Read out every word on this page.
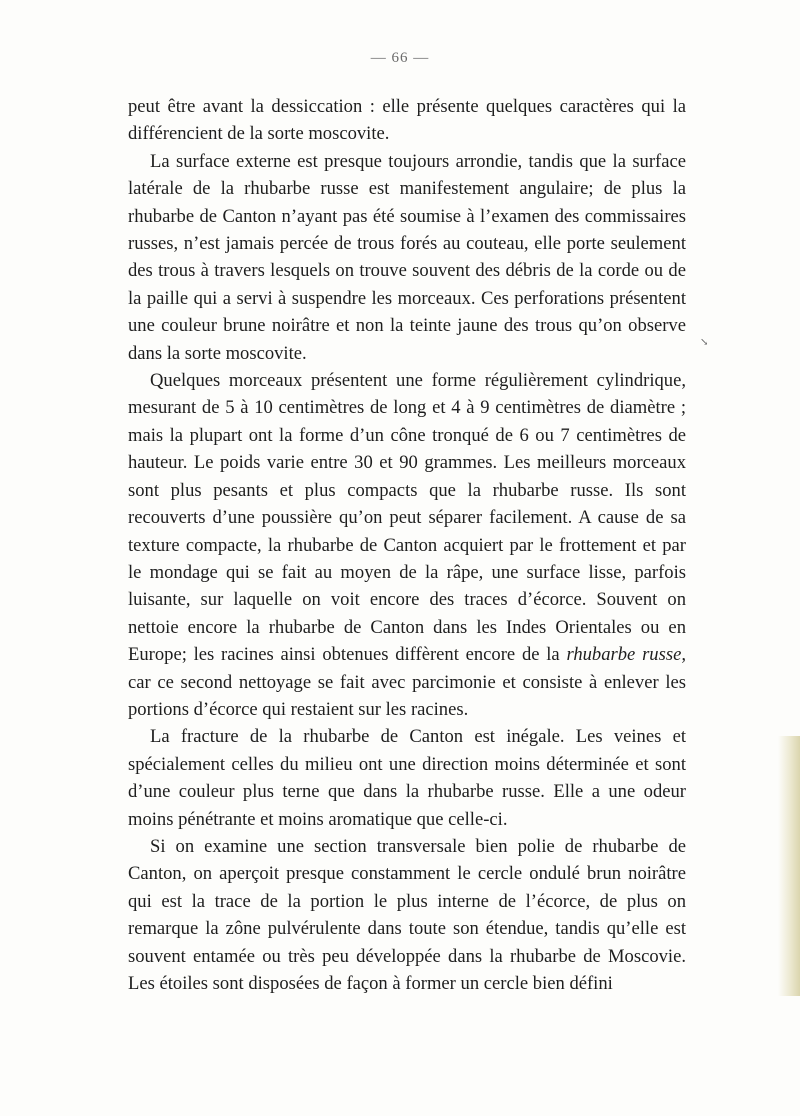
— 66 —

peut être avant la dessiccation : elle présente quelques caractères qui la différencient de la sorte moscovite.

La surface externe est presque toujours arrondie, tandis que la surface latérale de la rhubarbe russe est manifestement angulaire; de plus la rhubarbe de Canton n’ayant pas été soumise à l’examen des commissaires russes, n’est jamais percée de trous forés au couteau, elle porte seulement des trous à travers lesquels on trouve souvent des débris de la corde ou de la paille qui a servi à suspendre les morceaux. Ces perforations présentent une couleur brune noirâtre et non la teinte jaune des trous qu’on observe dans la sorte moscovite.

Quelques morceaux présentent une forme régulièrement cylindrique, mesurant de 5 à 10 centimètres de long et 4 à 9 centimètres de diamètre ; mais la plupart ont la forme d’un cône tronqué de 6 ou 7 centimètres de hauteur. Le poids varie entre 30 et 90 grammes. Les meilleurs morceaux sont plus pesants et plus compacts que la rhubarbe russe. Ils sont recouverts d’une poussière qu’on peut séparer facilement. A cause de sa texture compacte, la rhubarbe de Canton acquiert par le frottement et par le mondage qui se fait au moyen de la râpe, une surface lisse, parfois luisante, sur laquelle on voit encore des traces d’écorce. Souvent on nettoie encore la rhubarbe de Canton dans les Indes Orientales ou en Europe; les racines ainsi obtenues diffèrent encore de la rhubarbe russe, car ce second nettoyage se fait avec parcimonie et consiste à enlever les portions d’écorce qui restaient sur les racines.

La fracture de la rhubarbe de Canton est inégale. Les veines et spécialement celles du milieu ont une direction moins déterminée et sont d’une couleur plus terne que dans la rhubarbe russe. Elle a une odeur moins pénétrante et moins aromatique que celle-ci.

Si on examine une section transversale bien polie de rhubarbe de Canton, on aperçoit presque constamment le cercle ondulé brun noirâtre qui est la trace de la portion le plus interne de l’écorce, de plus on remarque la zône pulvérulente dans toute son étendue, tandis qu’elle est souvent entamée ou très peu développée dans la rhubarbe de Moscovie. Les étoiles sont disposées de façon à former un cercle bien défini

↘
